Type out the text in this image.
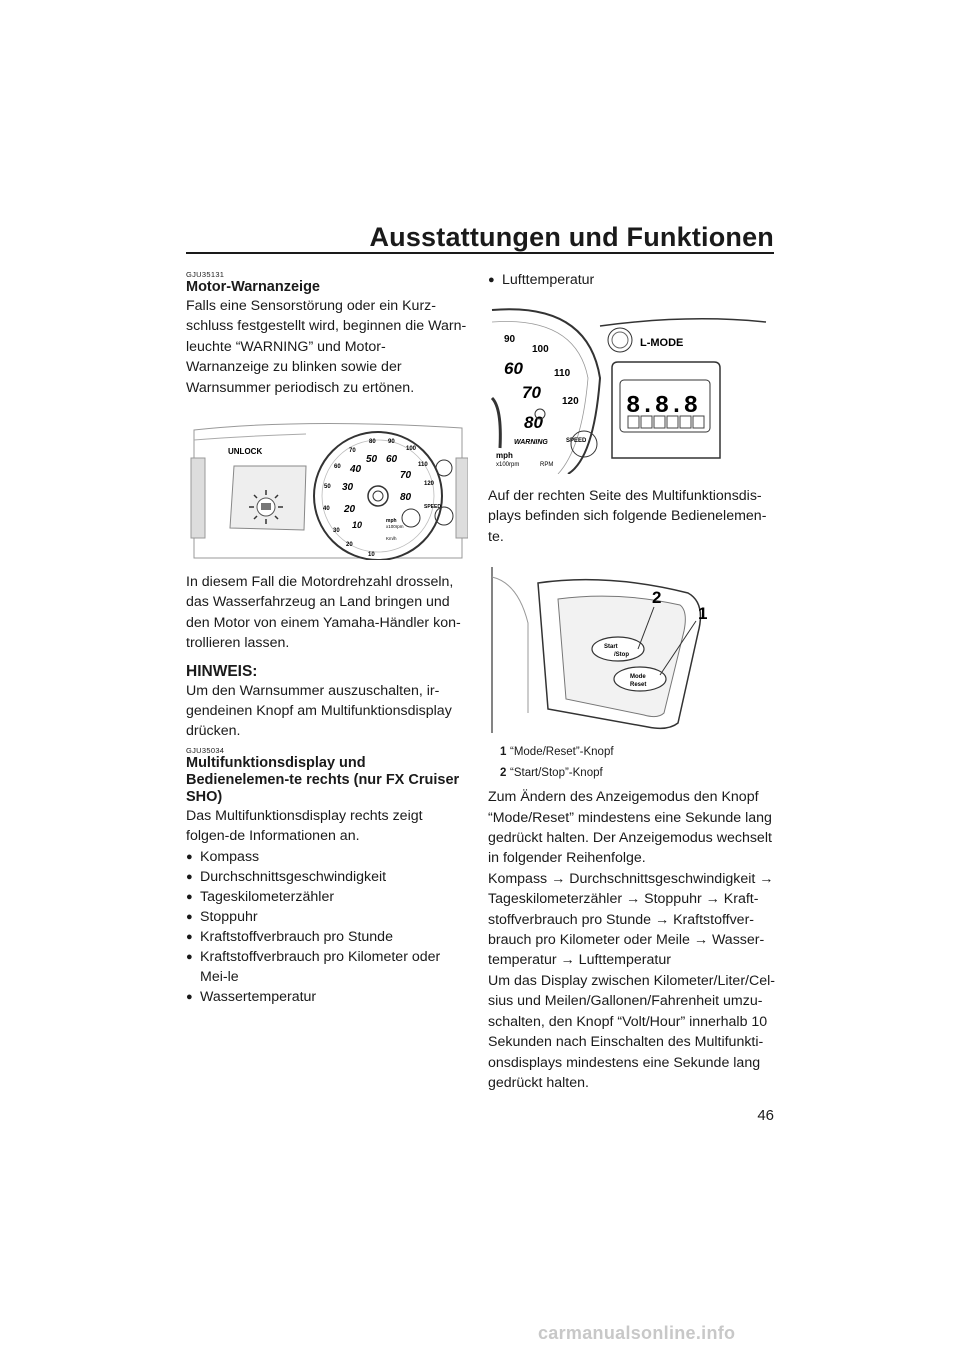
Ausstattungen und Funktionen
GJU35131
Motor-Warnanzeige

Falls eine Sensorstörung oder ein Kurz-schluss festgestellt wird, beginnen die Warn-leuchte “WARNING” und Motor-Warnanzeige zu blinken sowie der Warnsummer periodisch zu ertönen.

UNLOCK
10
20
30
40
50
60
70
80 90
100
110
120
10
20
30
40
50 60
70
80
SPEED
mph
x100rpm
Km/h

In diesem Fall die Motordrehzahl drosseln, das Wasserfahrzeug an Land bringen und den Motor von einem Yamaha-Händler kon-trollieren lassen.

HINWEIS:

Um den Warnsummer auszuschalten, ir-gendeinen Knopf am Multifunktionsdisplay drücken.

GJU35034
Multifunktionsdisplay und Bedienelemen-te rechts (nur FX Cruiser SHO)

Das Multifunktionsdisplay rechts zeigt folgen-de Informationen an.

● Kompass
● Durchschnittsgeschwindigkeit
● Tageskilometerzähler
● Stoppuhr
● Kraftstoffverbrauch pro Stunde
● Kraftstoffverbrauch pro Kilometer oder Mei-le
● Wassertemperatur
● Lufttemperatur
90
100
110
120
60
70
80
WARNING	SPEED
mph
x100rpm	RPM
L-MODE
8.8.8

Auf der rechten Seite des Multifunktionsdis-plays befinden sich folgende Bedienelemen-te.

Start
/Stop
Mode
Reset
2
1
1 “Mode/Reset”-Knopf
2 “Start/Stop”-Knopf

Zum Ändern des Anzeigemodus den Knopf “Mode/Reset” mindestens eine Sekunde lang gedrückt halten. Der Anzeigemodus wechselt in folgender Reihenfolge.

Kompass → Durchschnittsgeschwindigkeit → Tageskilometerzähler → Stoppuhr → Kraft-stoffverbrauch pro Stunde → Kraftstoffver-brauch pro Kilometer oder Meile → Wasser-temperatur → Lufttemperatur

Um das Display zwischen Kilometer/Liter/Cel-sius und Meilen/Gallonen/Fahrenheit umzu-schalten, den Knopf “Volt/Hour” innerhalb 10 Sekunden nach Einschalten des Multifunkti-onsdisplays mindestens eine Sekunde lang gedrückt halten.

46
carmanualsonline.info
